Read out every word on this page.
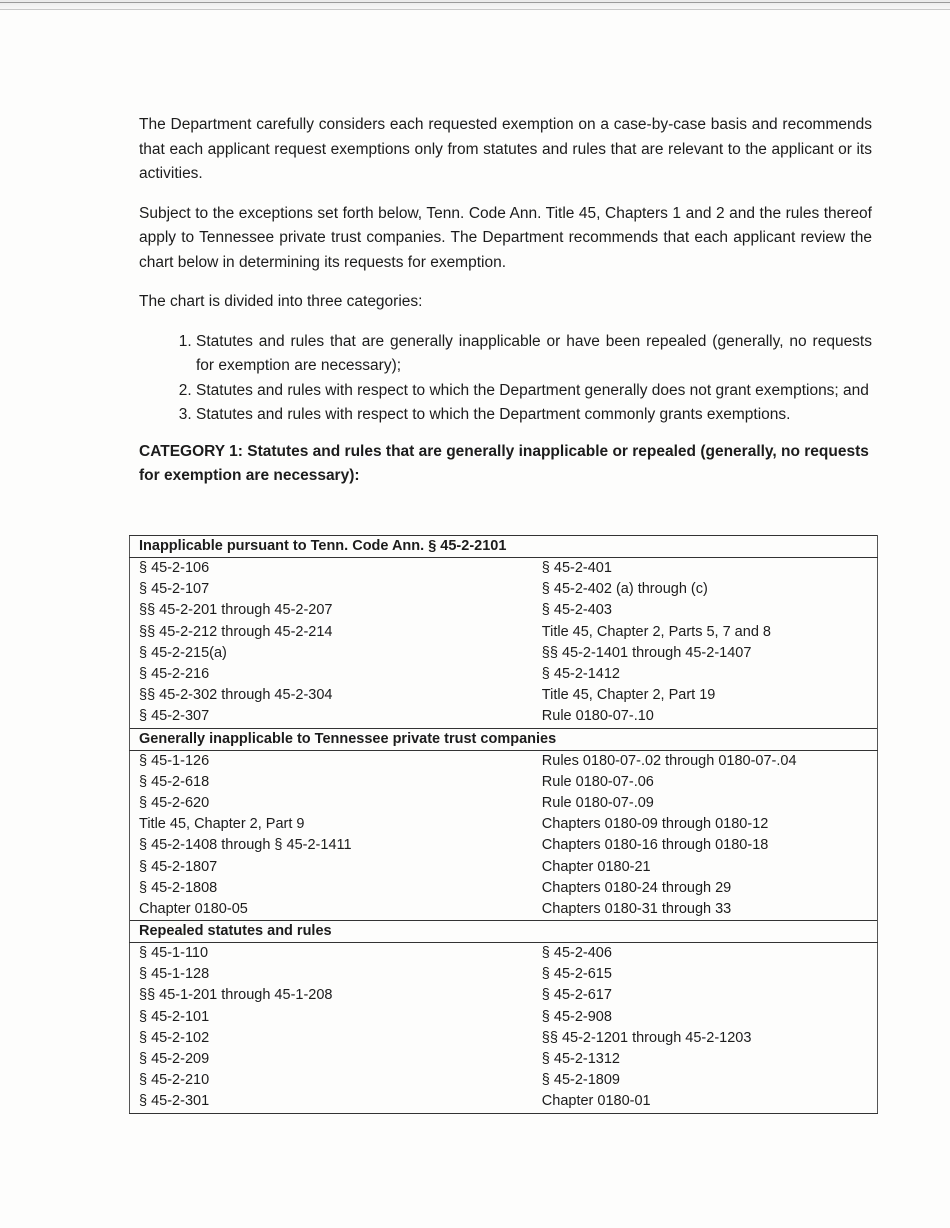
The Department carefully considers each requested exemption on a case-by-case basis and recommends that each applicant request exemptions only from statutes and rules that are relevant to the applicant or its activities.

Subject to the exceptions set forth below, Tenn. Code Ann. Title 45, Chapters 1 and 2 and the rules thereof apply to Tennessee private trust companies. The Department recommends that each applicant review the chart below in determining its requests for exemption.

The chart is divided into three categories:

1. Statutes and rules that are generally inapplicable or have been repealed (generally, no requests for exemption are necessary);
2. Statutes and rules with respect to which the Department generally does not grant exemptions; and
3. Statutes and rules with respect to which the Department commonly grants exemptions.
CATEGORY 1: Statutes and rules that are generally inapplicable or repealed (generally, no requests for exemption are necessary):
Inapplicable pursuant to Tenn. Code Ann. § 45-2-2101	
§ 45-2-106	§ 45-2-401
§ 45-2-107	§ 45-2-402 (a) through (c)
§§ 45-2-201 through 45-2-207	§ 45-2-403
§§ 45-2-212 through 45-2-214	Title 45, Chapter 2, Parts 5, 7 and 8
§ 45-2-215(a)	§§ 45-2-1401 through 45-2-1407
§ 45-2-216	§ 45-2-1412
§§ 45-2-302 through 45-2-304	Title 45, Chapter 2, Part 19
§ 45-2-307	Rule 0180-07-.10
Generally inapplicable to Tennessee private trust companies	
§ 45-1-126	Rules 0180-07-.02 through 0180-07-.04
§ 45-2-618	Rule 0180-07-.06
§ 45-2-620	Rule 0180-07-.09
Title 45, Chapter 2, Part 9	Chapters 0180-09 through 0180-12
§ 45-2-1408 through § 45-2-1411	Chapters 0180-16 through 0180-18
§ 45-2-1807	Chapter 0180-21
§ 45-2-1808	Chapters 0180-24 through 29
Chapter 0180-05	Chapters 0180-31 through 33
Repealed statutes and rules	
§ 45-1-110	§ 45-2-406
§ 45-1-128	§ 45-2-615
§§ 45-1-201 through 45-1-208	§ 45-2-617
§ 45-2-101	§ 45-2-908
§ 45-2-102	§§ 45-2-1201 through 45-2-1203
§ 45-2-209	§ 45-2-1312
§ 45-2-210	§ 45-2-1809
§ 45-2-301	Chapter 0180-01
